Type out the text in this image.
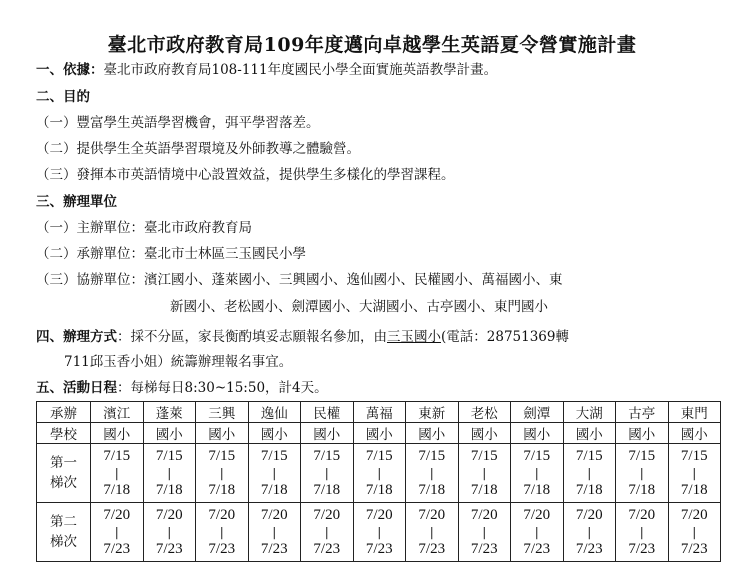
臺北市政府教育局109年度邁向卓越學生英語夏令營實施計畫
一、依據：臺北市政府教育局108-111年度國民小學全面實施英語教學計畫。
二、目的
（一）豐富學生英語學習機會，弭平學習落差。
（二）提供學生全英語學習環境及外師教導之體驗營。
（三）發揮本市英語情境中心設置效益，提供學生多樣化的學習課程。
三、辦理單位
（一）主辦單位：臺北市政府教育局
（二）承辦單位：臺北市士林區三玉國民小學
（三）協辦單位：濱江國小、蓬萊國小、三興國小、逸仙國小、民權國小、萬福國小、東
新國小、老松國小、劍潭國小、大湖國小、古亭國小、東門國小
四、辦理方式：採不分區，家長衡酌填妥志願報名參加，由三玉國小(電話：28751369轉
711邱玉香小姐）統籌辦理報名事宜。
五、活動日程：每梯每日8:30~15:50，計4天。
承辦	濱江	蓬萊	三興	逸仙	民權	萬福	東新	老松	劍潭	大湖	古亭	東門
學校	國小	國小	國小	國小	國小	國小	國小	國小	國小	國小	國小	國小

第一
梯次	7/15
|
7/18	7/15
|
7/18	7/15
|
7/18	7/15
|
7/18	7/15
|
7/18	7/15
|
7/18	7/15
|
7/18	7/15
|
7/18	7/15
|
7/18	7/15
|
7/18	7/15
|
7/18	7/15
|
7/18

第二
梯次	7/20
|
7/23	7/20
|
7/23	7/20
|
7/23	7/20
|
7/23	7/20
|
7/23	7/20
|
7/23	7/20
|
7/23	7/20
|
7/23	7/20
|
7/23	7/20
|
7/23	7/20
|
7/23	7/20
|
7/23
